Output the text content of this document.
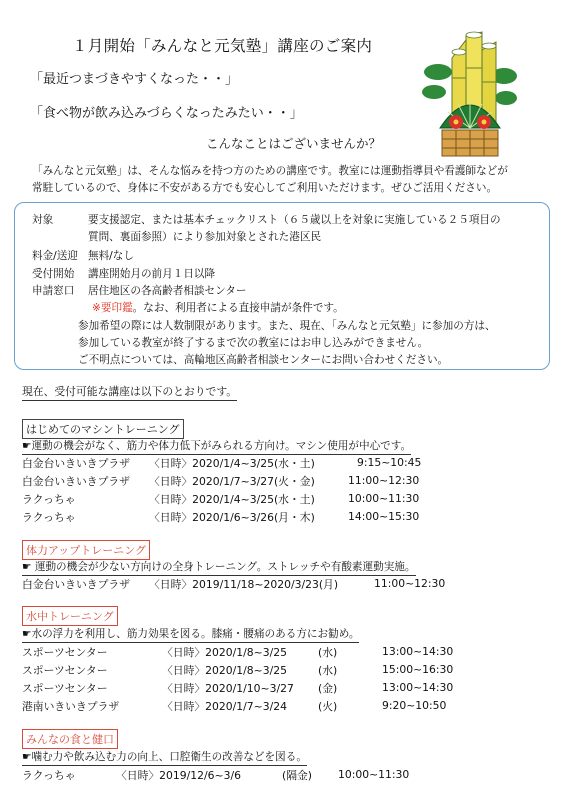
１月開始「みんなと元気塾」講座のご案内
「最近つまづきやすくなった・・」
「食べ物が飲み込みづらくなったみたい・・」
こんなことはございませんか？
「みんなと元気塾」は、そんな悩みを持つ方のための講座です。教室には運動指導員や看護師などが
常駐しているので、身体に不安がある方でも安心してご利用いただけます。ぜひご活用ください。
対象	要支援認定、または基本チェックリスト（６５歳以上を対象に実施している２５項目の
質問、裏面参照）により参加対象とされた港区民
料金/送迎 無料/なし
受付開始 講座開始月の前月１日以降
申請窓口 居住地区の各高齢者相談センター
※要印鑑。なお、利用者による直接申請が条件です。
参加希望の際には人数制限があります。また、現在、「みんなと元気塾」に参加の方は、
参加している教室が終了するまで次の教室にはお申し込みができません。
ご不明点については、高輪地区高齢者相談センターにお問い合わせください。
現在、受付可能な講座は以下のとおりです。
はじめてのマシントレーニング
☛運動の機会がなく、筋力や体力低下がみられる方向け。マシン使用が中心です。
白金台いきいきプラザ 〈日時〉2020/1/4~3/25(水・土)	9:15~10:45
白金台いきいきプラザ 〈日時〉2020/1/7~3/27(火・金)	11:00~12:30
ラクっちゃ	〈日時〉2020/1/4~3/25(水・土)	10:00~11:30
ラクっちゃ	〈日時〉2020/1/6~3/26(月・木)	14:00~15:30
体力アップトレーニング
☛ 運動の機会が少ない方向けの全身トレーニング。ストレッチや有酸素運動実施。
白金台いきいきプラザ 〈日時〉2019/11/18~2020/3/23(月)	11:00~12:30
水中トレーニング
☛水の浮力を利用し、筋力効果を図る。膝痛・腰痛のある方にお勧め。
スポーツセンター	〈日時〉2020/1/8~3/25	(水)	13:00~14:30
スポーツセンター	〈日時〉2020/1/8~3/25	(水)	15:00~16:30
スポーツセンター	〈日時〉2020/1/10~3/27 (金)	13:00~14:30
港南いきいきプラザ	〈日時〉2020/1/7~3/24	(火)	9:20~10:50
みんなの食と健口
☛噛む力や飲み込む力の向上、口腔衛生の改善などを図る。
ラクっちゃ	〈日時〉2019/12/6~3/6	(隔金) 10:00~11:30
